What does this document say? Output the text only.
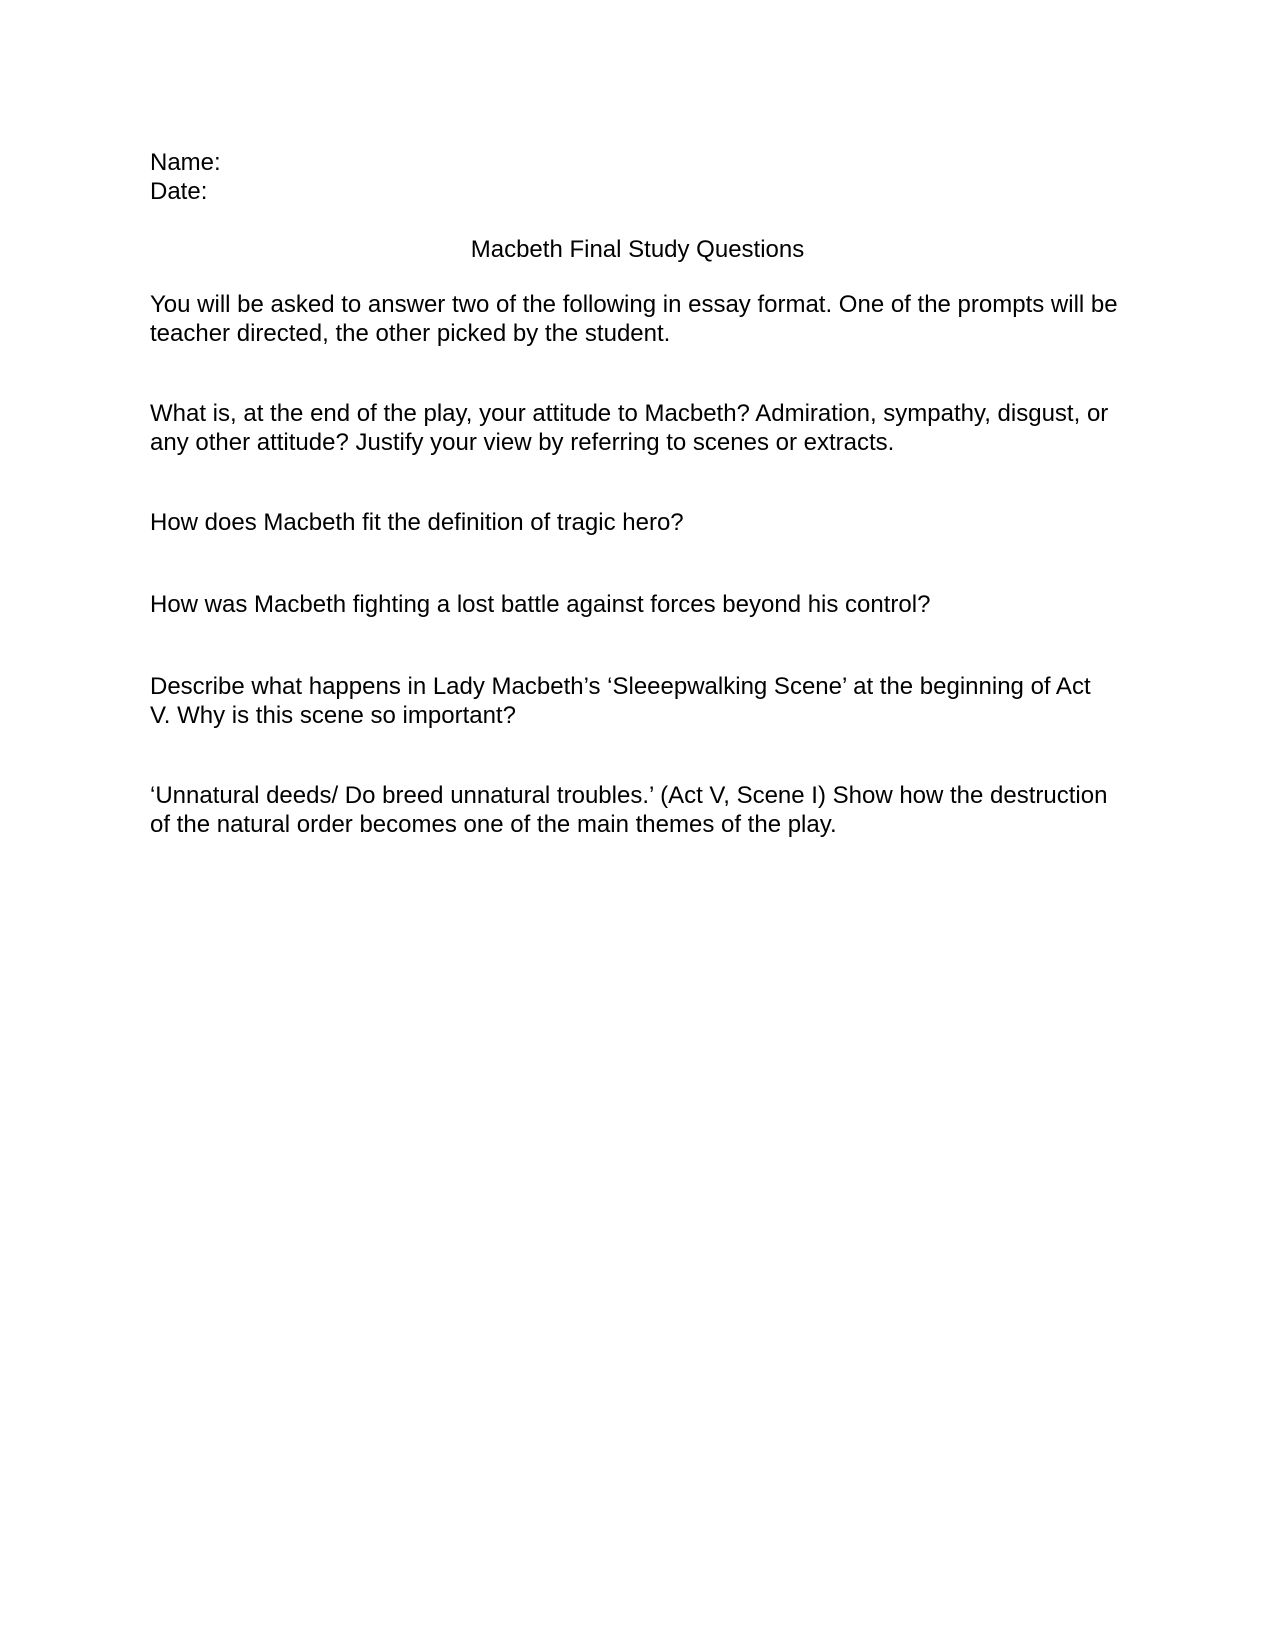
Name:
Date:
Macbeth Final Study Questions

You will be asked to answer two of the following in essay format. One of the prompts will be teacher directed, the other picked by the student.

What is, at the end of the play, your attitude to Macbeth? Admiration, sympathy, disgust, or any other attitude? Justify your view by referring to scenes or extracts.

How does Macbeth fit the definition of tragic hero?

How was Macbeth fighting a lost battle against forces beyond his control?

Describe what happens in Lady Macbeth’s ‘Sleeepwalking Scene’ at the beginning of Act V. Why is this scene so important?

‘Unnatural deeds/ Do breed unnatural troubles.’ (Act V, Scene I) Show how the destruction of the natural order becomes one of the main themes of the play.
